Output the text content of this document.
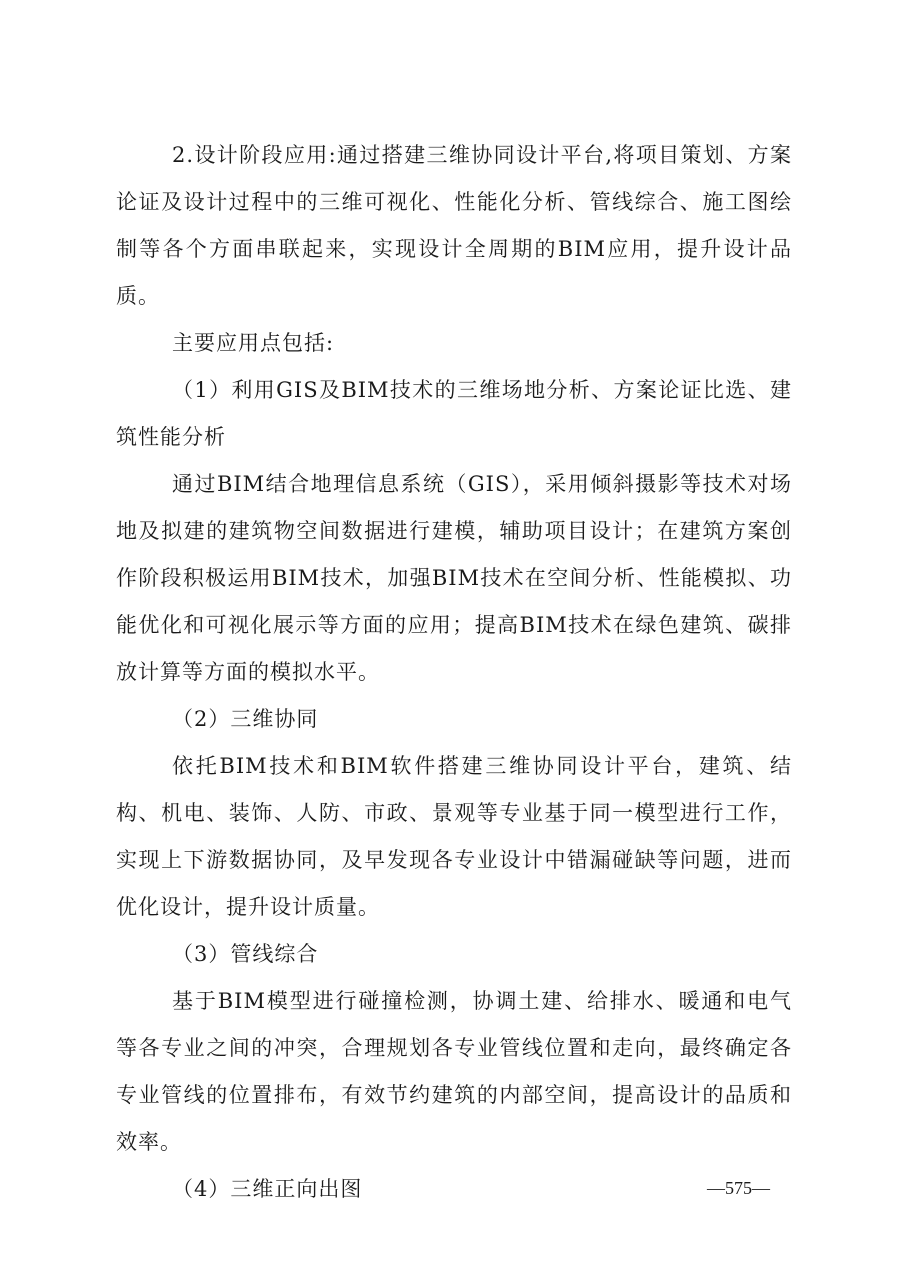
2.设计阶段应用:通过搭建三维协同设计平台,将项目策划、方案论证及设计过程中的三维可视化、性能化分析、管线综合、施工图绘制等各个方面串联起来，实现设计全周期的BIM应用，提升设计品质。

主要应用点包括:

（1）利用GIS及BIM技术的三维场地分析、方案论证比选、建筑性能分析

通过BIM结合地理信息系统（GIS），采用倾斜摄影等技术对场地及拟建的建筑物空间数据进行建模，辅助项目设计；在建筑方案创作阶段积极运用BIM技术，加强BIM技术在空间分析、性能模拟、功能优化和可视化展示等方面的应用；提高BIM技术在绿色建筑、碳排放计算等方面的模拟水平。

（2）三维协同

依托BIM技术和BIM软件搭建三维协同设计平台，建筑、结构、机电、装饰、人防、市政、景观等专业基于同一模型进行工作，实现上下游数据协同，及早发现各专业设计中错漏碰缺等问题，进而优化设计，提升设计质量。

（3）管线综合

基于BIM模型进行碰撞检测，协调土建、给排水、暖通和电气等各专业之间的冲突，合理规划各专业管线位置和走向，最终确定各专业管线的位置排布，有效节约建筑的内部空间，提高设计的品质和效率。

（4）三维正向出图	—575—
